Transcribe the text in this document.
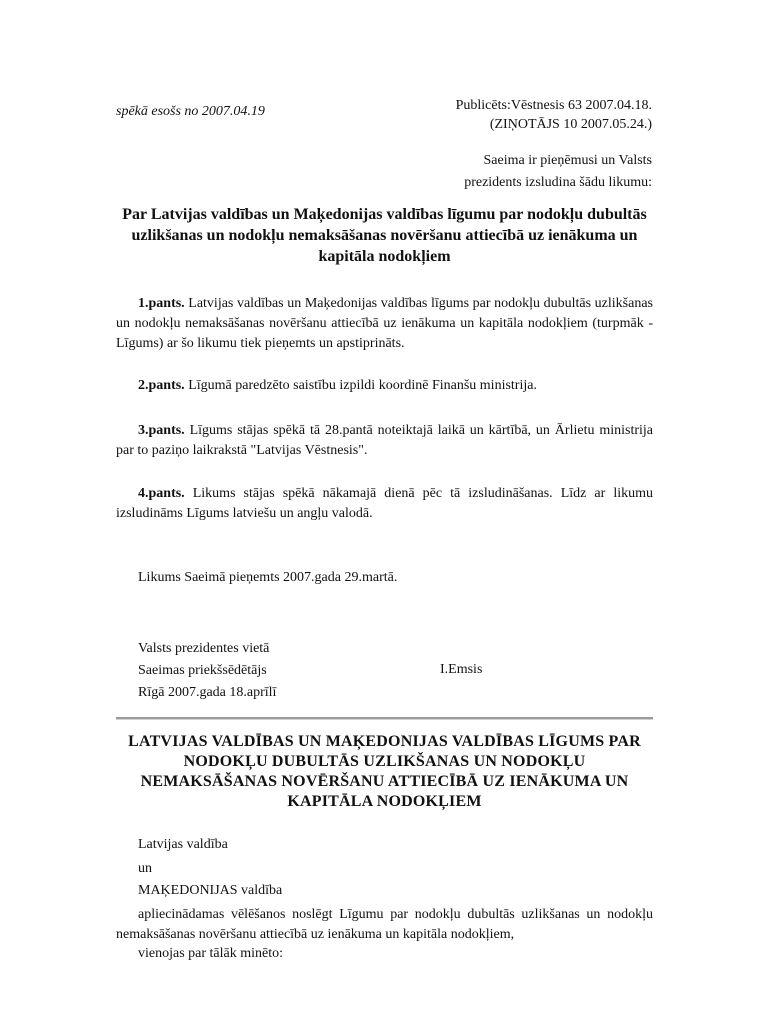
spēkā esošs no 2007.04.19	Publicēts:Vēstnesis 63 2007.04.18.
(ZIŅOTĀJS 10 2007.05.24.)
Saeima ir pieņēmusi un Valsts
prezidents izsludina šādu likumu:
Par Latvijas valdības un Maķedonijas valdības līgumu par nodokļu dubultās uzlikšanas un nodokļu nemaksāšanas novēršanu attiecībā uz ienākuma un kapitāla nodokļiem
1.pants. Latvijas valdības un Maķedonijas valdības līgums par nodokļu dubultās uzlikšanas un nodokļu nemaksāšanas novēršanu attiecībā uz ienākuma un kapitāla nodokļiem (turpmāk - Līgums) ar šo likumu tiek pieņemts un apstiprināts.
2.pants. Līgumā paredzēto saistību izpildi koordinē Finanšu ministrija.
3.pants. Līgums stājas spēkā tā 28.pantā noteiktajā laikā un kārtībā, un Ārlietu ministrija par to paziņo laikrakstā "Latvijas Vēstnesis".
4.pants. Likums stājas spēkā nākamajā dienā pēc tā izsludināšanas. Līdz ar likumu izsludināms Līgums latviešu un angļu valodā.
Likums Saeimā pieņemts 2007.gada 29.martā.
Valsts prezidentes vietā
Saeimas priekšsēdētājs
Rīgā 2007.gada 18.aprīlī
I.Emsis
LATVIJAS VALDĪBAS UN MAĶEDONIJAS VALDĪBAS LĪGUMS PAR NODOKĻU DUBULTĀS UZLIKŠANAS UN NODOKĻU NEMAKSĀŠANAS NOVĒRŠANU ATTIECĪBĀ UZ IENĀKUMA UN KAPITĀLA NODOKĻIEM
Latvijas valdība
un
MAĶEDONIJAS valdība
apliecinādamas vēlēšanos noslēgt Līgumu par nodokļu dubultās uzlikšanas un nodokļu nemaksāšanas novēršanu attiecībā uz ienākuma un kapitāla nodokļiem,
vienojas par tālāk minēto:
